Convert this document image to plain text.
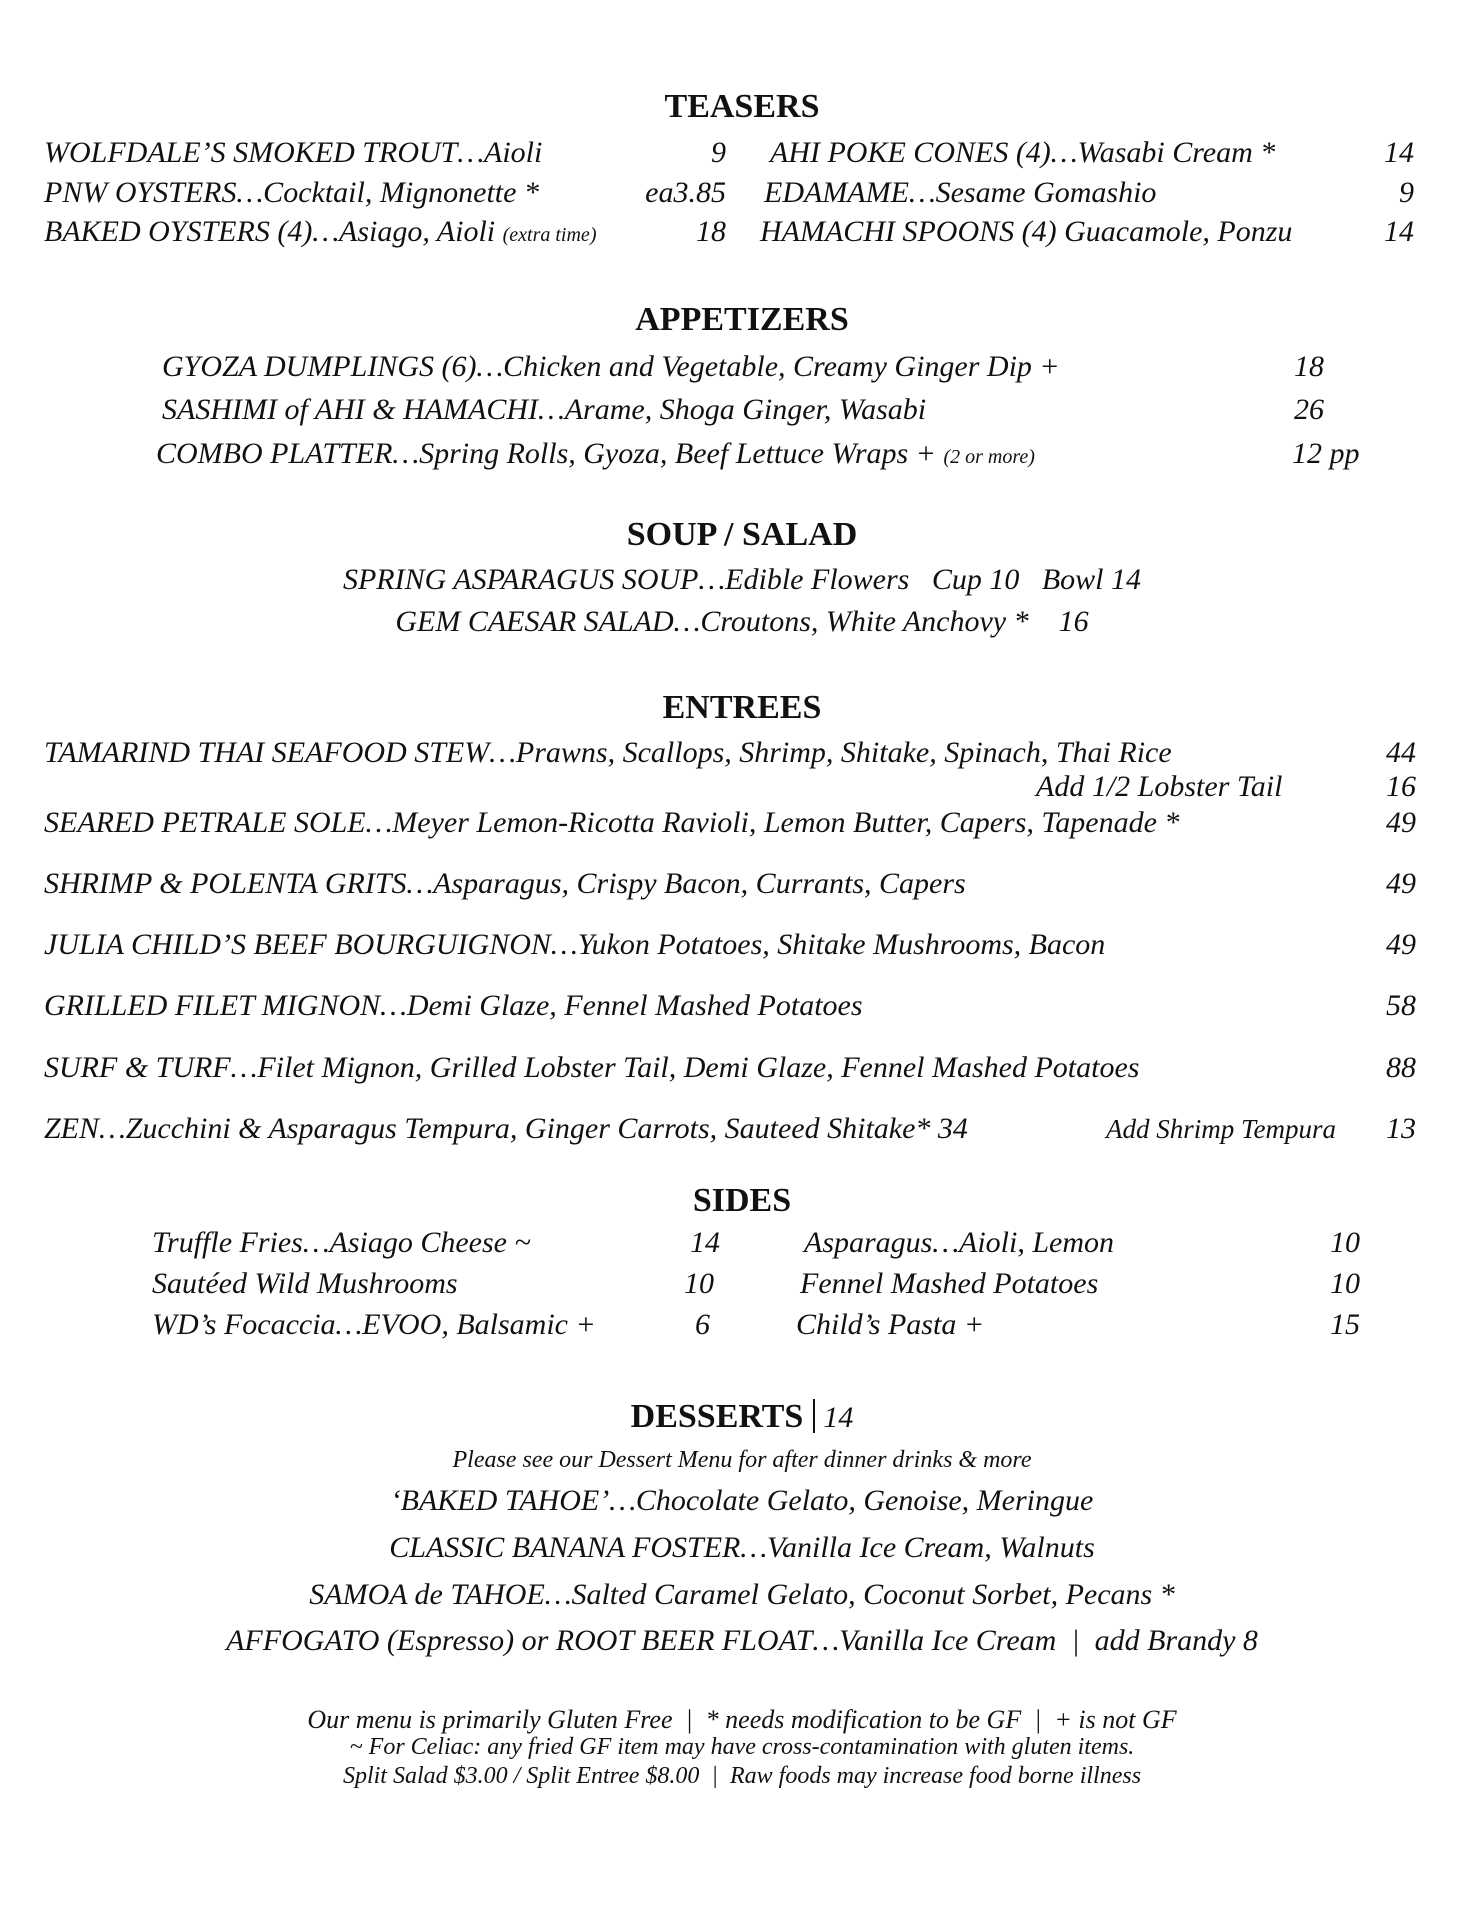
TEASERS
WOLFDALE’S SMOKED TROUT…Aioli	9
PNW OYSTERS…Cocktail, Mignonette *	ea3.85
BAKED OYSTERS (4)…Asiago, Aioli (extra time)	18
AHI POKE CONES (4)…Wasabi Cream *	14
EDAMAME…Sesame Gomashio	9
HAMACHI SPOONS (4) Guacamole, Ponzu	14
APPETIZERS
GYOZA DUMPLINGS (6)…Chicken and Vegetable, Creamy Ginger Dip +	18
SASHIMI of AHI & HAMACHI…Arame, Shoga Ginger, Wasabi	26
COMBO PLATTER…Spring Rolls, Gyoza, Beef Lettuce Wraps + (2 or more)	12 pp
SOUP / SALAD
SPRING ASPARAGUS SOUP…Edible Flowers   Cup 10   Bowl 14
GEM CAESAR SALAD…Croutons, White Anchovy *    16
ENTREES
TAMARIND THAI SEAFOOD STEW…Prawns, Scallops, Shrimp, Shitake, Spinach, Thai Rice	44
Add 1/2 Lobster Tail	16
SEARED PETRALE SOLE…Meyer Lemon-Ricotta Ravioli, Lemon Butter, Capers, Tapenade *	49
SHRIMP & POLENTA GRITS…Asparagus, Crispy Bacon, Currants, Capers	49
JULIA CHILD’S BEEF BOURGUIGNON…Yukon Potatoes, Shitake Mushrooms, Bacon	49
GRILLED FILET MIGNON…Demi Glaze, Fennel Mashed Potatoes	58
SURF & TURF…Filet Mignon, Grilled Lobster Tail, Demi Glaze, Fennel Mashed Potatoes	88
ZEN…Zucchini & Asparagus Tempura, Ginger Carrots, Sauteed Shitake* 34	Add Shrimp Tempura	13
SIDES
Truffle Fries…Asiago Cheese ~	14
Sautéed Wild Mushrooms	10
WD’s Focaccia…EVOO, Balsamic +	6
Asparagus…Aioli, Lemon	10
Fennel Mashed Potatoes	10
Child’s Pasta +	15
DESSERTS 14
Please see our Dessert Menu for after dinner drinks & more
‘BAKED TAHOE’…Chocolate Gelato, Genoise, Meringue
CLASSIC BANANA FOSTER…Vanilla Ice Cream, Walnuts
SAMOA de TAHOE…Salted Caramel Gelato, Coconut Sorbet, Pecans *
AFFOGATO (Espresso) or ROOT BEER FLOAT…Vanilla Ice Cream  |  add Brandy 8
Our menu is primarily Gluten Free  |  * needs modification to be GF  |  + is not GF
~ For Celiac: any fried GF item may have cross-contamination with gluten items.
Split Salad $3.00 / Split Entree $8.00  |  Raw foods may increase food borne illness
